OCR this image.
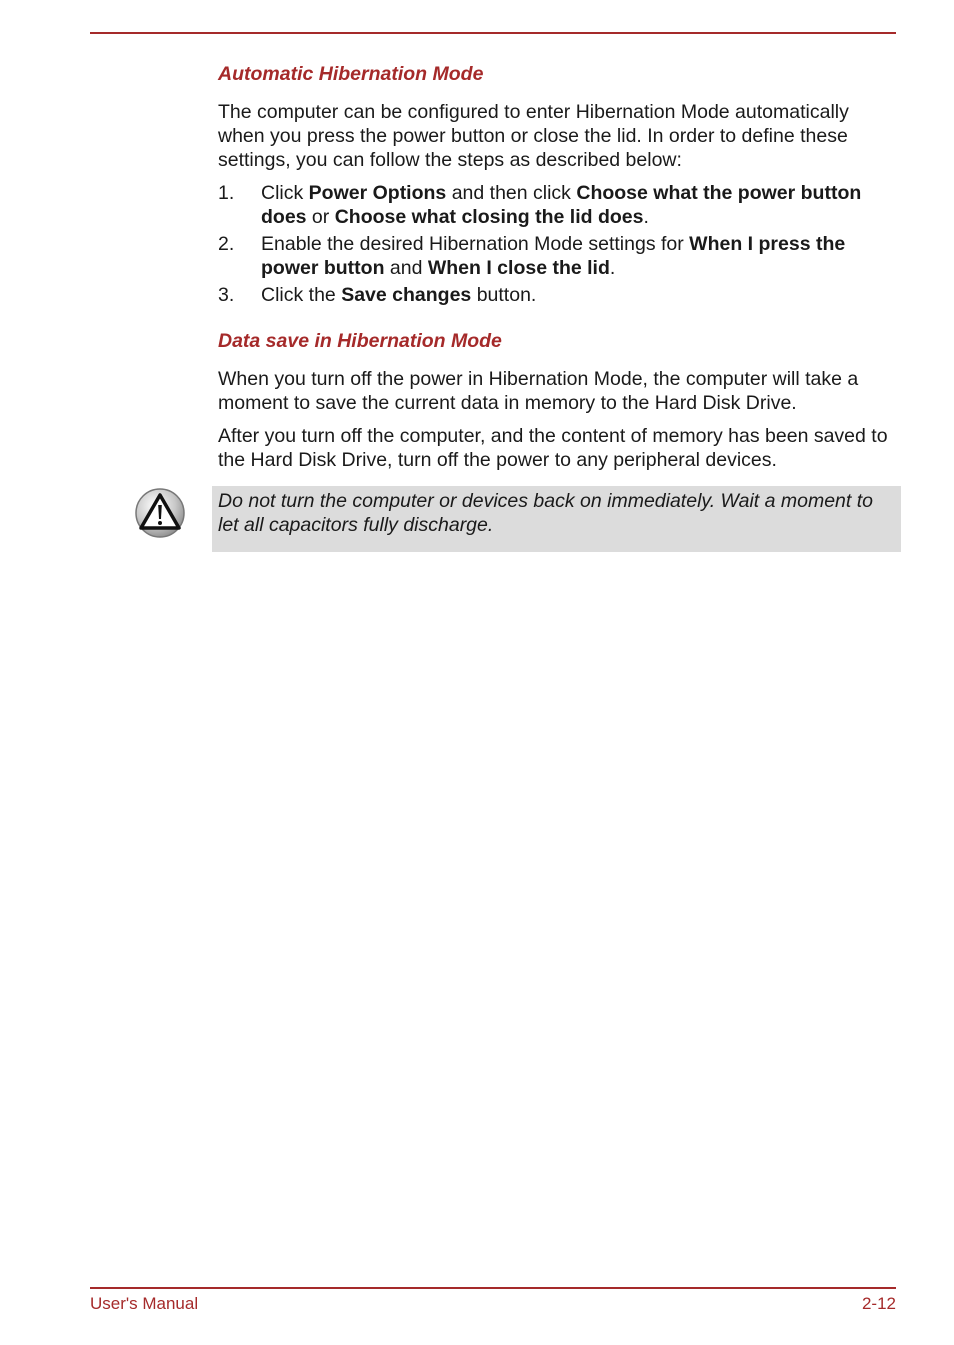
Automatic Hibernation Mode

The computer can be configured to enter Hibernation Mode automatically when you press the power button or close the lid. In order to define these settings, you can follow the steps as described below:

1. Click Power Options and then click Choose what the power button does or Choose what closing the lid does.
2. Enable the desired Hibernation Mode settings for When I press the power button and When I close the lid.
3. Click the Save changes button.
Data save in Hibernation Mode

When you turn off the power in Hibernation Mode, the computer will take a moment to save the current data in memory to the Hard Disk Drive.

After you turn off the computer, and the content of memory has been saved to the Hard Disk Drive, turn off the power to any peripheral devices.

Do not turn the computer or devices back on immediately. Wait a moment to let all capacitors fully discharge.
User's Manual	2-12
